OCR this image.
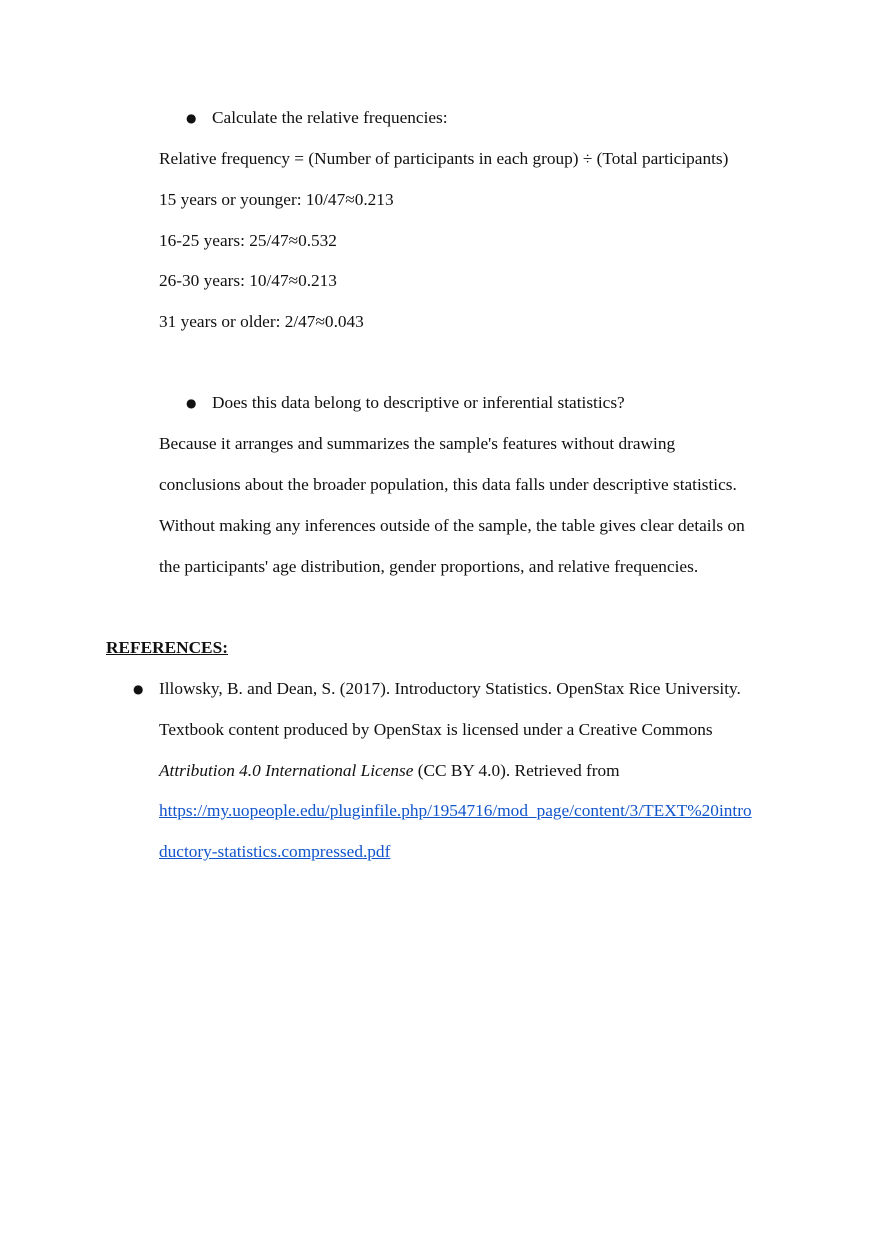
● Calculate the relative frequencies:
Relative frequency = (Number of participants in each group) ÷ (Total participants)
15 years or younger: 10/47≈0.213
16-25 years: 25/47≈0.532
26-30 years: 10/47≈0.213
31 years or older: 2/47≈0.043
● Does this data belong to descriptive or inferential statistics?
Because it arranges and summarizes the sample's features without drawing
conclusions about the broader population, this data falls under descriptive statistics.
Without making any inferences outside of the sample, the table gives clear details on
the participants' age distribution, gender proportions, and relative frequencies.
REFERENCES:
● Illowsky, B. and Dean, S. (2017). Introductory Statistics. OpenStax Rice University.
Textbook content produced by OpenStax is licensed under a Creative Commons
Attribution 4.0 International License (CC BY 4.0). Retrieved from
https://my.uopeople.edu/pluginfile.php/1954716/mod_page/content/3/TEXT%20intro
ductory-statistics.compressed.pdf
